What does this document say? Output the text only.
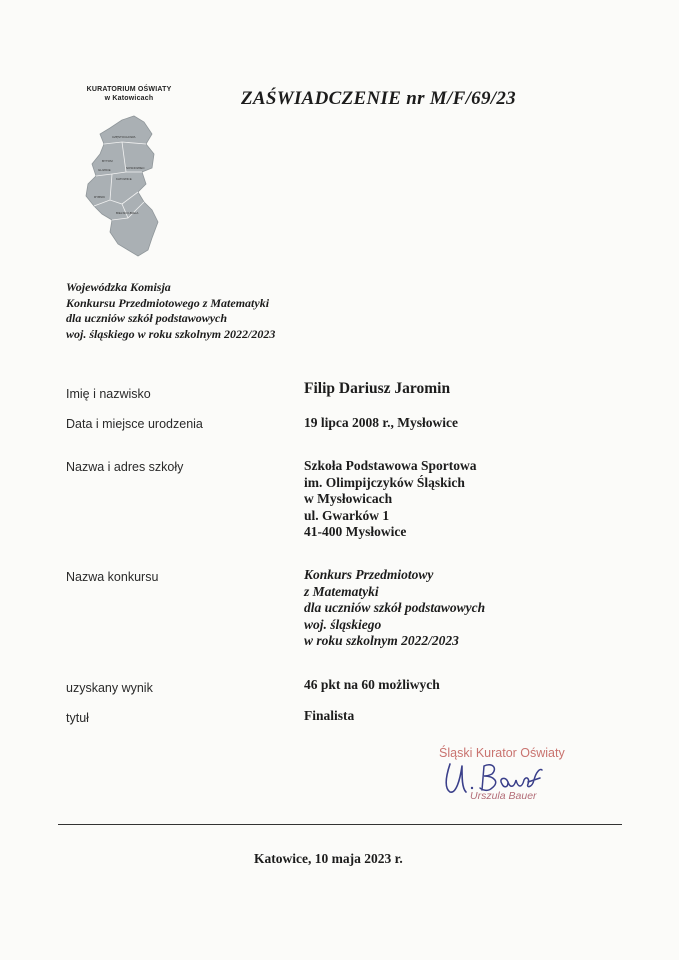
KURATORIUM OŚWIATY
w Katowicach
CZĘSTOCHOWA
BYTOM
GLIWICE
KATOWICE
SOSNOWIEC
RYBNIK
BIELSKO-BIAŁA
ZAŚWIADCZENIE nr M/F/69/23
Wojewódzka Komisja
Konkursu Przedmiotowego z Matematyki
dla uczniów szkół podstawowych
woj. śląskiego w roku szkolnym 2022/2023
Imię i nazwisko	Filip Dariusz Jaromin
Data i miejsce urodzenia	19 lipca 2008 r., Mysłowice
Nazwa i adres szkoły	Szkoła Podstawowa Sportowa
im. Olimpijczyków Śląskich
w Mysłowicach
ul. Gwarków 1
41-400 Mysłowice
Nazwa konkursu	Konkurs Przedmiotowy
z Matematyki
dla uczniów szkół podstawowych
woj. śląskiego
w roku szkolnym 2022/2023
uzyskany wynik	46 pkt na 60 możliwych
tytuł	Finalista
Śląski Kurator Oświaty
Urszula Bauer
Katowice, 10 maja 2023 r.
